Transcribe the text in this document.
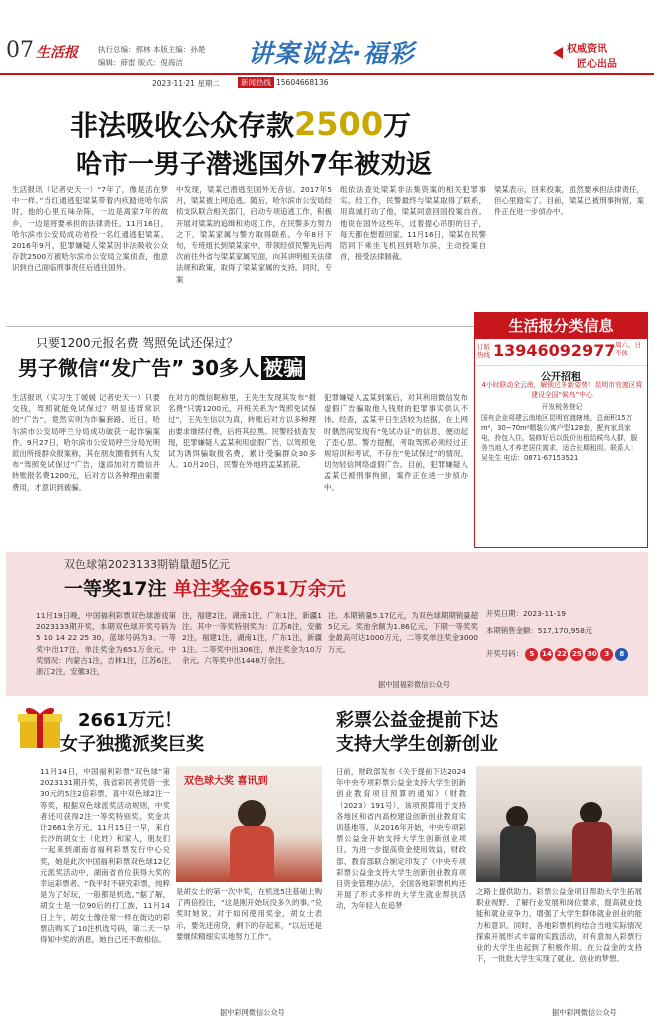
07 生活报	执行总编：那林 本版主编：孙楚
编辑：薛雷 版式：倪海洁	讲案说法·福彩	权威资讯
匠心出品
2023·11·21 星期二	新闻热线 15604668136
非法吸收公众存款2500万
哈市一男子潜逃国外7年被劝返
生活报讯（记者史天一）“7年了，像是活在梦中一样。”当红通逃犯梁某带着内疚踏进哈尔滨时，他的心里五味杂陈，一边是离家7年的故乡，一边是将要承担的法律责任。11月16日，哈尔滨市公安局成功劝投一名红通逃犯梁某。2016年9月，犯罪嫌疑人梁某因非法吸收公众存款2500万被哈尔滨市公安局立案侦查，他意识到自己面临刑事责任后逃往国外。
中发现，梁某已潜逃至国外无音信。2017年5月，梁某被上网追逃。随后，哈尔滨市公安局经侦支队联合相关部门，启动专项追逃工作，积极开展对梁某的追缉和劝返工作，在民警多方努力之下，梁某家属与警方取得联系。今年8月下旬，专班组长到梁某家中，带领经侦民警先后两次前往外省与梁某家属见面，向其讲明相关法律法规和政策，取得了梁某家属的支持。同时，专案
组依法查处梁某非法集资案的相关犯罪事实。经工作，民警最终与梁某取得了联系，用真诚打动了他，梁某同意回国投案自首。他说在国外这些年，过着提心吊胆的日子，每天都在想着回家。11月16日，梁某在民警陪同下乘坐飞机回到哈尔滨，主动投案自首，接受法律制裁。
梁某表示，回来投案，虽然要承担法律责任，但心里踏实了。目前，梁某已被刑事拘留，案件正在进一步侦办中。
只要1200元报名费 驾照免试还保过？
男子微信“发广告” 30多人 被骗
生活报讯（实习生丁媛媛 记者史天一）只要交钱，驾照就能免试保过？明显违背常识的“广告”，竟然实则为诈骗套路。近日，哈尔滨市公安局呼兰分局成功破获一起诈骗案件。9月27日，哈尔滨市公安局呼兰分局光明派出所接群众报案称，其在朋友圈看到有人发布“驾照免试保过”广告，遂添加对方微信并转账报名费1200元，后对方以各种理由索要费用，才意识到被骗。
在对方的微信昵称里，王先生发现其发布“报名费”只需1200元，开班关系为“驾照免试保过”，王先生信以为真，转账后对方以多种理由要求继续付费，后将其拉黑。民警经侦查发现，犯罪嫌疑人孟某利用虚假广告，以驾照免试为诱饵骗取报名费，累计受骗群众30多人。10月20日，民警在外地将孟某抓获。
犯罪嫌疑人孟某到案后，对其利用微信发布虚假广告骗取他人钱财的犯罪事实供认不讳。经查，孟某平日生活较为拮据，在上网时偶然间发现有“免试办证”的信息，便动起了歪心思。警方提醒，考取驾照必须经过正规培训和考试，不存在“免试保过”的情况，切勿轻信网络虚假广告。目前，犯罪嫌疑人孟某已被刑事拘留，案件正在进一步侦办中。
生活报分类信息
订版热线 13946092977 周六、日不休
公开招租
4小时联动全云南，解锁过冬新姿势！昆明市官渡区将建设全国“候鸟”中心
开发税务登记
国有企业将建云南地区昆明官渡辖地，总面积15万m²，30~70m²精装公寓户型128套，配有家具家电，拎包入住。装修好后以低价出租给候鸟人群，服务当地人才养老居住需求，适合长期租用。联系人：吴先生 电话：0871-67153521
双色球第2023133期销量超5亿元
一等奖17注 单注奖金651万余元
11月19日晚，中国福利彩票双色球游戏第2023133期开奖，本期双色球开奖号码为5 10 14 22 25 30，蓝球号码为3。一等奖中出17注，单注奖金为651万余元。中奖情况：内蒙古1注，吉林1注，江苏6注，浙江2注，安徽3注，
注，福建2注，湖南1注，广东1注，新疆1注。其中一等奖特别奖为：江苏6注，安徽2注，福建1注，湖南1注，广东1注，新疆1注。二等奖中出306注，单注奖金为10万余元。六等奖中出1448万余注。
注。本期销量5.17亿元，为双色球期期销量超5亿元。奖池余额为1.86亿元，下期一等奖奖金最高可达1000万元，二等奖单注奖金3000万元。
据中国福彩微信公众号
开奖日期：2023-11-19
本期销售金额：517,170,958元
开奖号码： 5 14 22 25 30 3 8
2661万元！
女子独揽派奖巨奖
11月14日，中国福利彩票“双色球”第2023131期开奖，我省彩民者凭借一张30元的5注2倍彩票，喜中双色球2注一等奖，根据双色球派奖活动规则，中奖者还可获得2注一等奖特别奖，奖金共计2661余万元。11月15日一早，来自长沙的胡女士（化姓）和家人，朋友们一起来到湖南省福利彩票发行中心兑奖，她是此次中国福利彩票双色球12亿元派奖活动中，湖南省首位获得大奖的幸运彩票者。“我平时不研究彩票，纯粹是为了好玩，一般都是机选。”据了解，胡女士是一位90后的打工族，11月14日上午，胡女士像往常一样在街边的彩票店购买了10注机选号码，第二天一早得知中奖的消息，她自己还不敢相信。
双色球大奖 喜讯到
是胡女士的第一次中奖，在机选5注基础上购了两倍投注，“这是刚开始玩没多久的事。”兑奖时她说。对于如何使用奖金，胡女士表示，要先还房贷，剩下的存起来，“以后还是要继续精细实实地努力工作”。
据中彩网微信公众号
彩票公益金提前下达
支持大学生创新创业
日前，财政部发布《关于提前下达2024年中央专项彩票公益金支持大学生创新创业教育项目预算的通知》（财教（2023）191号），该项预算用于支持各地区和省内高校建设创新创业教育实训基地等。从2016年开始，中央专项彩票公益金开始支持大学生创新创业项目。为进一步提高资金使用效益，财政部、教育部联合制定印发了《中央专项彩票公益金支持大学生创新创业教育项目资金管理办法》，全国各地彩票机构还开展了形式多样的大学生就业帮扶活动，为年轻人在追梦
之路上提供助力。彩票公益金项目帮助大学生拓展职业视野、了解行业发展和岗位要求，提高就业技能和就业竞争力，增强了大学生群体就业创业的能力和意识。同时，各地彩票机构结合当地实际情况探索开展形式丰富的实践活动，对有意加入彩票行业的大学生也起到了积极作用。在公益金的支持下，一批批大学生实现了就业、创业的梦想。
据中彩网微信公众号
